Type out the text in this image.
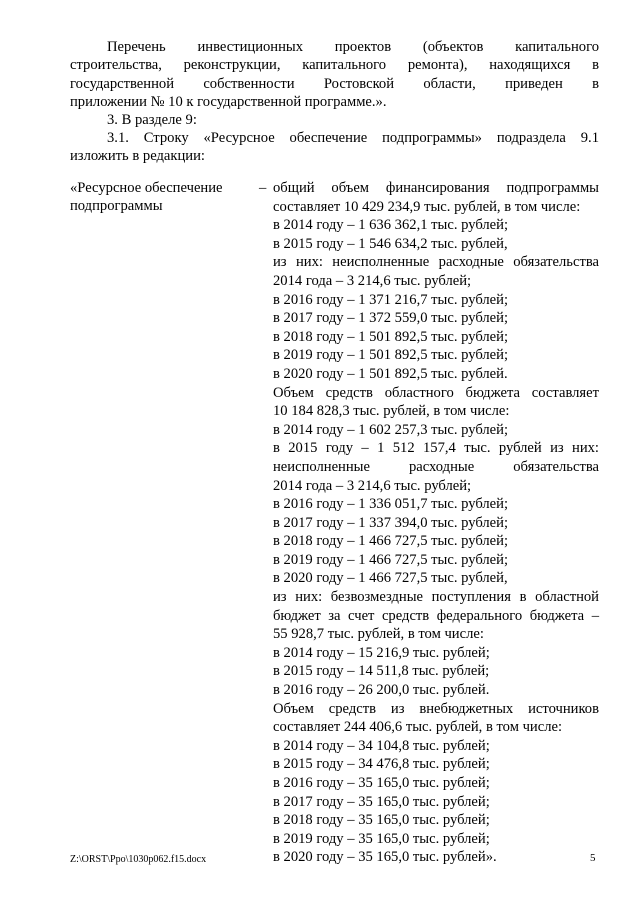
Перечень инвестиционных проектов (объектов капитального
строительства, реконструкции, капитального ремонта), находящихся в
государственной собственности Ростовской области, приведен в
приложении № 10 к государственной программе.».
3. В разделе 9:
3.1. Строку «Ресурсное обеспечение подпрограммы» подраздела 9.1
изложить в редакции:
«Ресурсное обеспечение
подпрограммы
– общий объем финансирования подпрограммы
составляет 10 429 234,9 тыс. рублей, в том числе:
в 2014 году – 1 636 362,1 тыс. рублей;
в 2015 году – 1 546 634,2 тыс. рублей,
из них: неисполненные расходные обязательства
2014 года – 3 214,6 тыс. рублей;
в 2016 году – 1 371 216,7 тыс. рублей;
в 2017 году – 1 372 559,0 тыс. рублей;
в 2018 году – 1 501 892,5 тыс. рублей;
в 2019 году – 1 501 892,5 тыс. рублей;
в 2020 году – 1 501 892,5 тыс. рублей.
Объем средств областного бюджета составляет
10 184 828,3 тыс. рублей, в том числе:
в 2014 году – 1 602 257,3 тыс. рублей;
в 2015 году – 1 512 157,4 тыс. рублей из них:
неисполненные расходные обязательства
2014 года – 3 214,6 тыс. рублей;
в 2016 году – 1 336 051,7 тыс. рублей;
в 2017 году – 1 337 394,0 тыс. рублей;
в 2018 году – 1 466 727,5 тыс. рублей;
в 2019 году – 1 466 727,5 тыс. рублей;
в 2020 году – 1 466 727,5 тыс. рублей,
из них: безвозмездные поступления в областной
бюджет за счет средств федерального бюджета –
55 928,7 тыс. рублей, в том числе:
в 2014 году – 15 216,9 тыс. рублей;
в 2015 году – 14 511,8 тыс. рублей;
в 2016 году – 26 200,0 тыс. рублей.
Объем средств из внебюджетных источников
составляет 244 406,6 тыс. рублей, в том числе:
в 2014 году – 34 104,8 тыс. рублей;
в 2015 году – 34 476,8 тыс. рублей;
в 2016 году – 35 165,0 тыс. рублей;
в 2017 году – 35 165,0 тыс. рублей;
в 2018 году – 35 165,0 тыс. рублей;
в 2019 году – 35 165,0 тыс. рублей;
в 2020 году – 35 165,0 тыс. рублей».
Z:\ORST\Ppo\1030p062.f15.docx	5
